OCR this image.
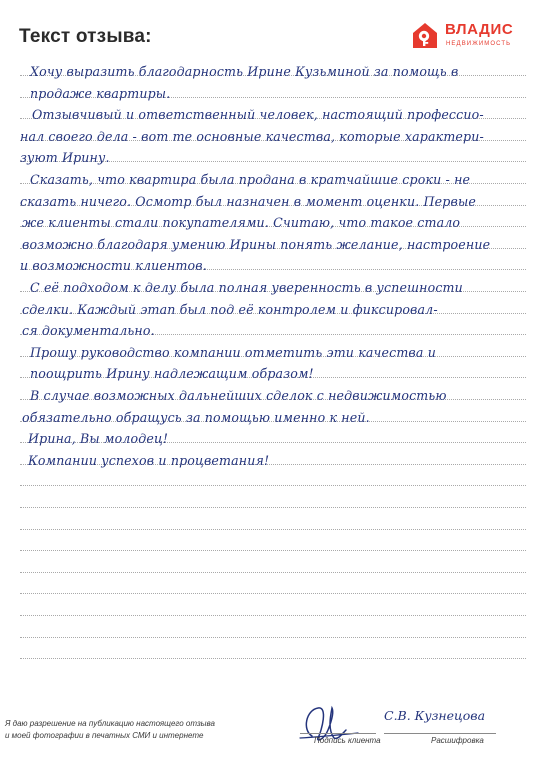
Текст отзыва:	ВЛАДИС
НЕДВИЖИМОСТЬ
Хочу выразить благодарность Ирине Кузьминой за помощь в
продаже квартиры.
Отзывчивый и ответственный человек, настоящий профессио-
нал своего дела - вот те основные качества, которые характери-
зуют Ирину.
Сказать, что квартира была продана в кратчайшие сроки - не
сказать ничего. Осмотр был назначен в момент оценки. Первые
же клиенты стали покупателями. Считаю, что такое стало
возможно благодаря умению Ирины понять желание, настроение
и возможности клиентов.
С её подходом к делу была полная уверенность в успешности
сделки. Каждый этап был под её контролем и фиксировал-
ся документально.
Прошу руководство компании отметить эти качества и
поощрить Ирину надлежащим образом!
В случае возможных дальнейших сделок с недвижимостью
обязательно обращусь за помощью именно к ней.
Ирина, Вы молодец!
Компании успехов и процветания!
Я даю разрешение на публикацию настоящего отзыва
и моей фотографии в печатных СМИ и интернете
С.В. Кузнецова
Подпись клиента	Расшифровка
